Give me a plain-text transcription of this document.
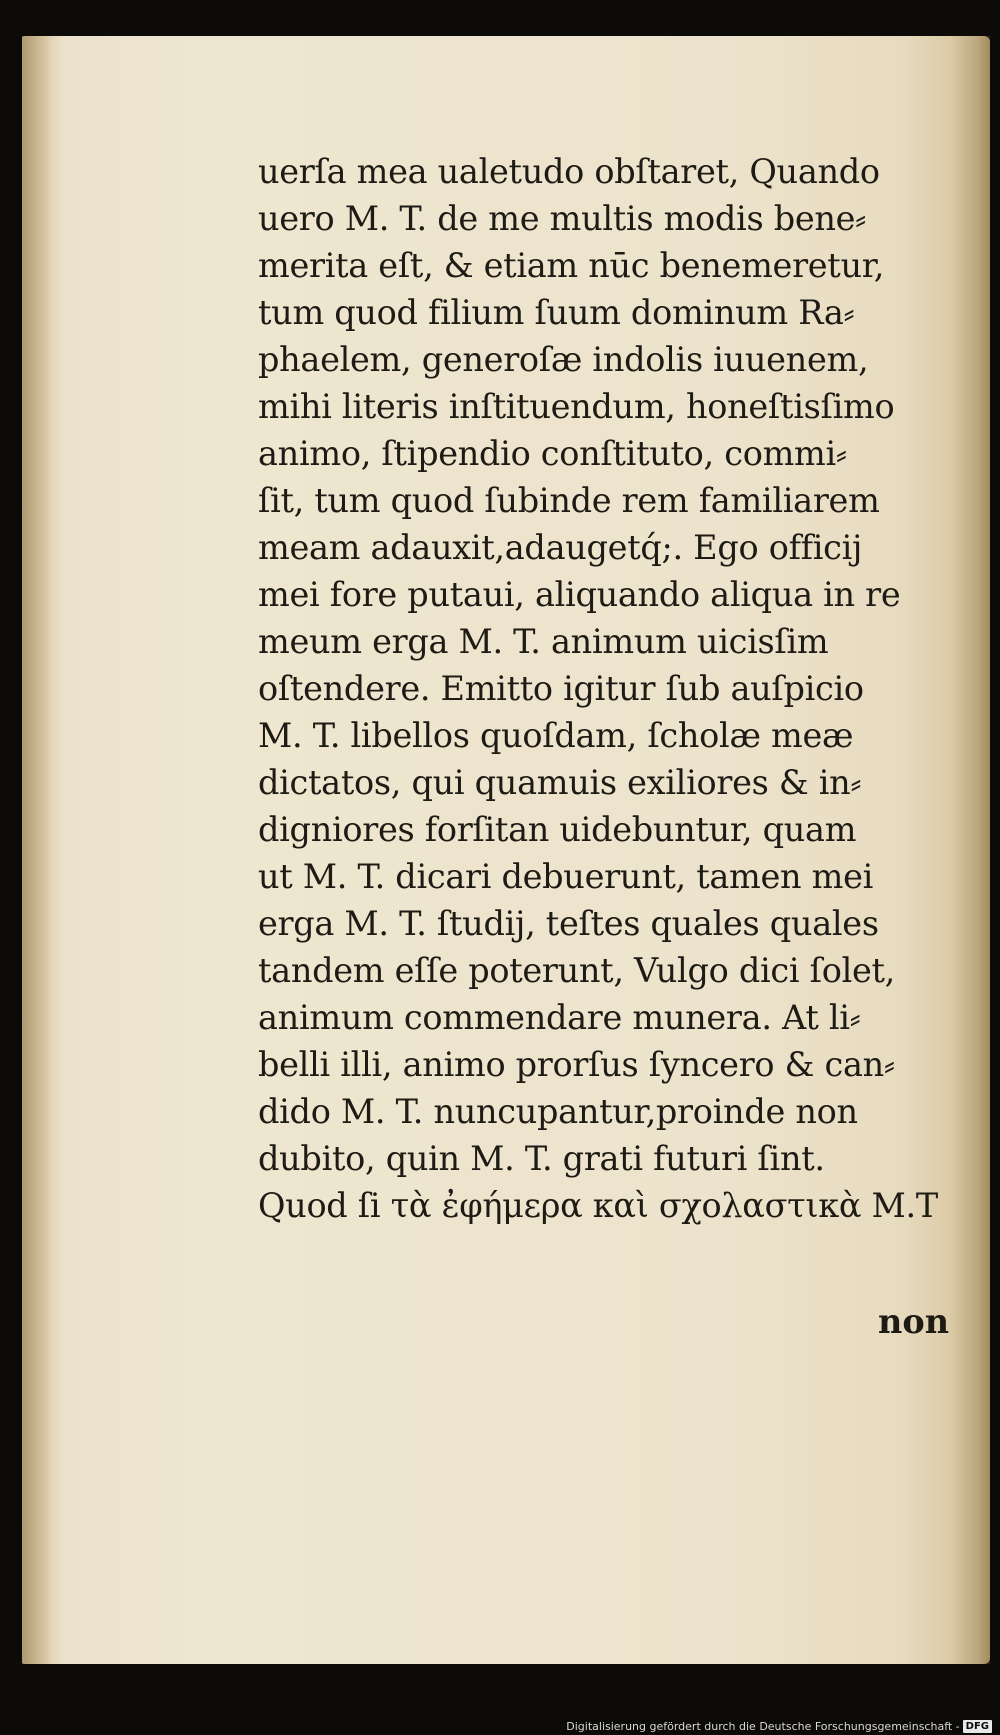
uerſa mea ualetudo obſtaret, Quando
uero M. T. de me multis modis bene⸗
merita eſt, & etiam nūc benemeretur,
tum quod filium ſuum dominum Ra⸗
phaelem, generoſæ indolis iuuenem,
mihi literis inſtituendum, honeſtisſimo
animo, ſtipendio conſtituto, commi⸗
ſit, tum quod ſubinde rem familiarem
meam adauxit,adaugetq́;. Ego officij
mei fore putaui, aliquando aliqua in re
meum erga M. T. animum uicisſim
oſtendere. Emitto igitur ſub auſpicio
M. T. libellos quoſdam, ſcholæ meæ
dictatos, qui quamuis exiliores & in⸗
digniores forſitan uidebuntur, quam
ut M. T. dicari debuerunt, tamen mei
erga M. T. ſtudij, teſtes quales quales
tandem eſſe poterunt, Vulgo dici ſolet,
animum commendare munera. At li⸗
belli illi, animo prorſus ſyncero & can⸗
dido M. T. nuncupantur,proinde non
dubito, quin M. T. grati futuri ſint.
Quod ſi τὰ ἐφήμερα καὶ σχολαστικὰ M.T
non
Digitalisierung gefördert durch die Deutsche Forschungsgemeinschaft - DFG
